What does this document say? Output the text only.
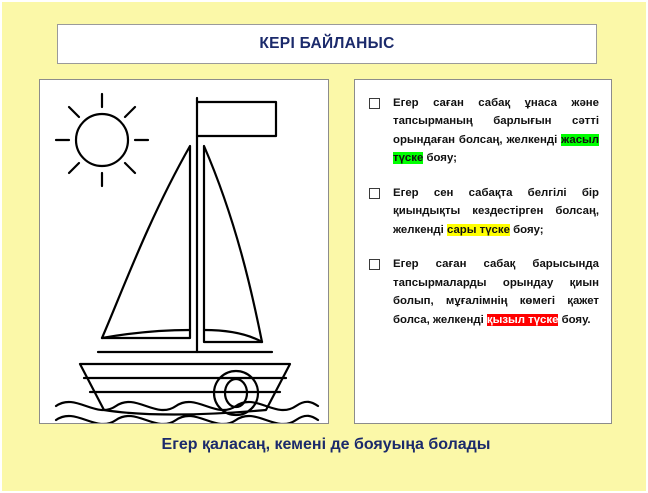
КЕРІ БАЙЛАНЫС
Егер саған сабақ ұнаса және тапсырманың барлығын сәтті орындаған болсаң, желкенді жасыл түске бояу;
Егер сен сабақта белгілі бір қиындықты кездестірген болсаң, желкенді сары түске бояу;
Егер саған сабақ барысында тапсырмаларды орындау қиын болып, мұғалімнің көмегі қажет болса, желкенді қызыл түске бояу.
Егер қаласаң, кемені де бояуыңа болады
